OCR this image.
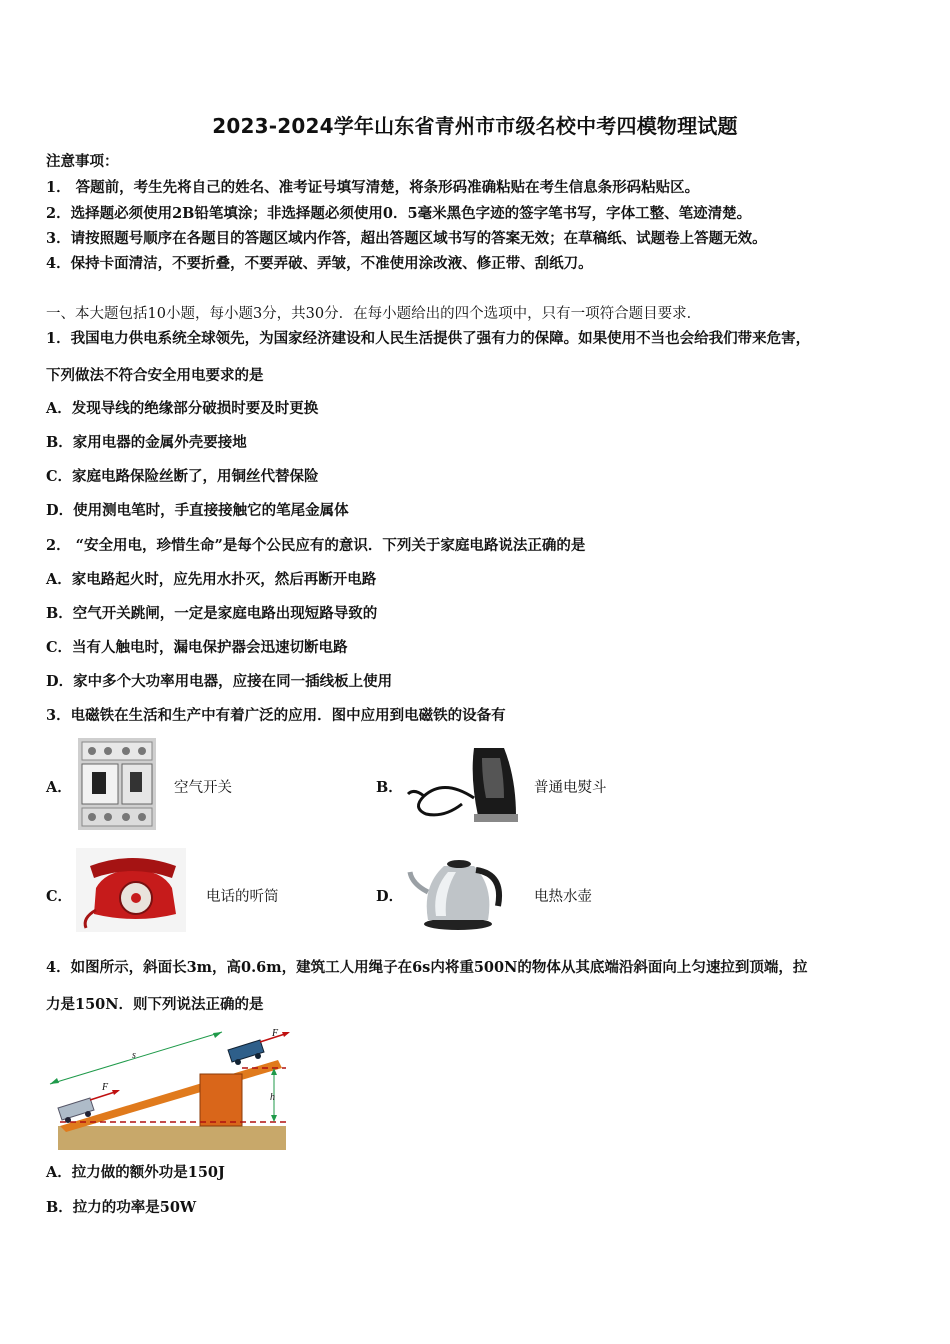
2023-2024学年山东省青州市市级名校中考四模物理试题
注意事项：
1． 答题前，考生先将自己的姓名、准考证号填写清楚，将条形码准确粘贴在考生信息条形码粘贴区。
2．选择题必须使用2B铅笔填涂；非选择题必须使用0．5毫米黑色字迹的签字笔书写，字体工整、笔迹清楚。
3．请按照题号顺序在各题目的答题区域内作答，超出答题区域书写的答案无效；在草稿纸、试题卷上答题无效。
4．保持卡面清洁，不要折叠，不要弄破、弄皱，不准使用涂改液、修正带、刮纸刀。
一、本大题包括10小题，每小题3分，共30分．在每小题给出的四个选项中，只有一项符合题目要求．
1．我国电力供电系统全球领先，为国家经济建设和人民生活提供了强有力的保障。如果使用不当也会给我们带来危害，
下列做法不符合安全用电要求的是
A．发现导线的绝缘部分破损时要及时更换
B．家用电器的金属外壳要接地
C．家庭电路保险丝断了，用铜丝代替保险
D．使用测电笔时，手直接接触它的笔尾金属体
2． “安全用电，珍惜生命”是每个公民应有的意识．下列关于家庭电路说法正确的是
A．家电路起火时，应先用水扑灭，然后再断开电路
B．空气开关跳闸，一定是家庭电路出现短路导致的
C．当有人触电时，漏电保护器会迅速切断电路
D．家中多个大功率用电器，应接在同一插线板上使用
3．电磁铁在生活和生产中有着广泛的应用．图中应用到电磁铁的设备有
A．	空气开关	B．	普通电熨斗
C．	电话的听筒	D．	电热水壶
4．如图所示，斜面长3m，高0.6m，建筑工人用绳子在6s内将重500N的物体从其底端沿斜面向上匀速拉到顶端，拉
力是150N．则下列说法正确的是
s
h
F
F
A．拉力做的额外功是150J
B．拉力的功率是50W
